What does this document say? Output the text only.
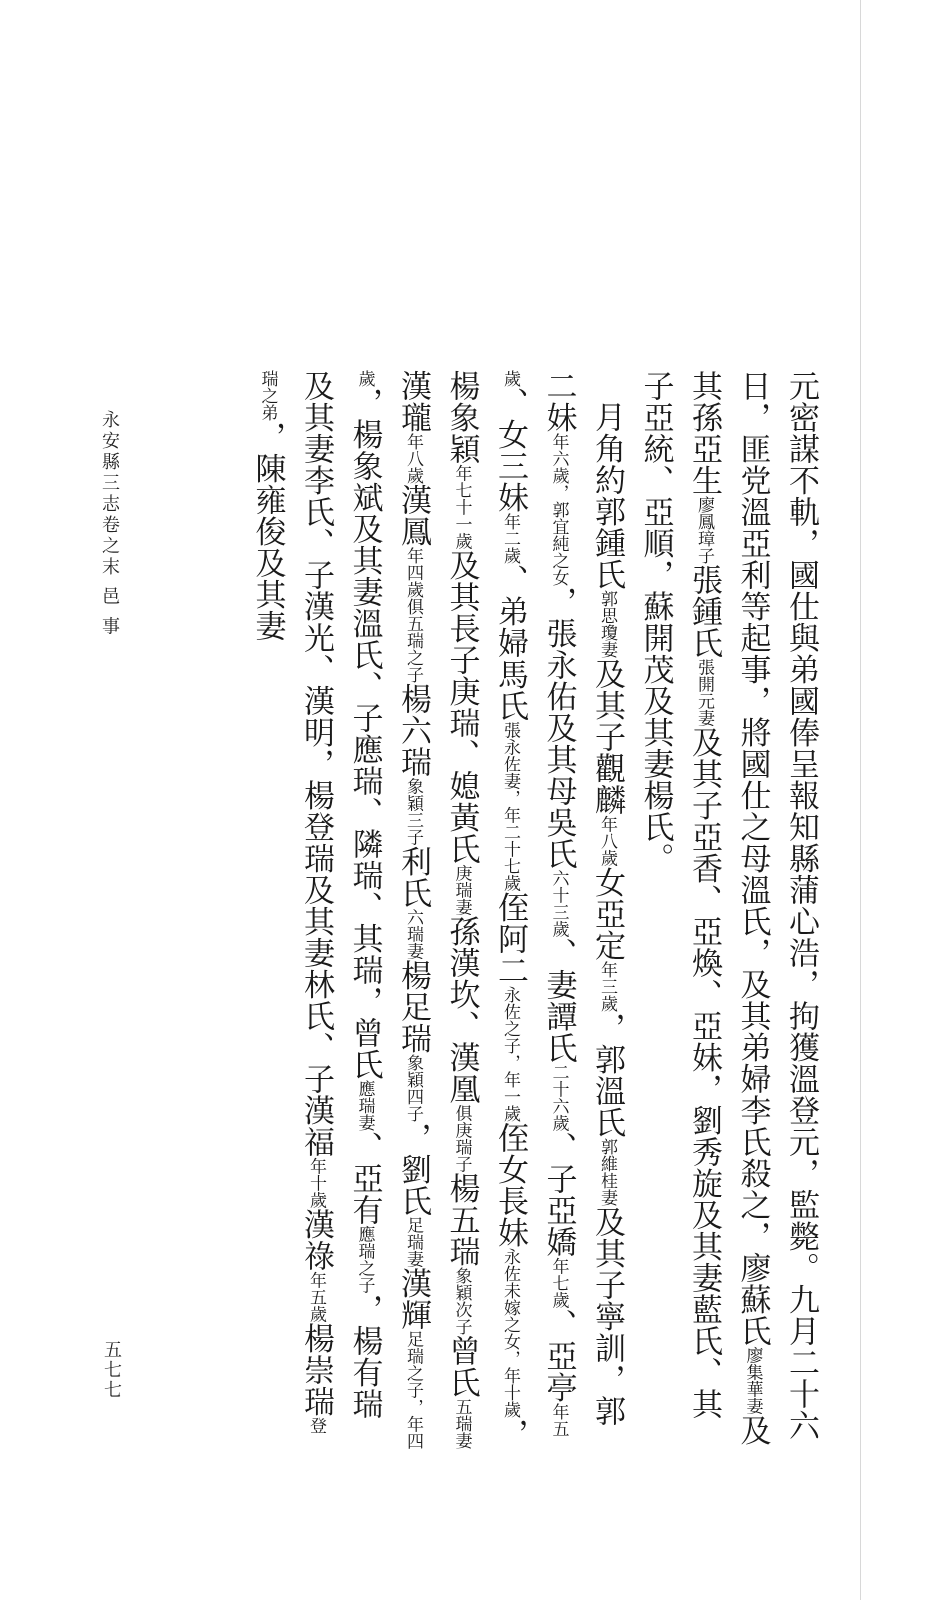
元密謀不軌，國仕與弟國俸呈報知縣蒲心浩，拘獲溫登元，監斃。九月二十六日，匪党溫亞利等起事，將國仕之母溫氏，及其弟婦李氏殺之，廖蘇氏廖集華妻及其孫亞生廖鳳璋子張鍾氏張開元妻及其子亞香、亞煥、亞妹，劉秀旋及其妻藍氏、其子亞統、亞順，蘇開茂及其妻楊氏。

月角約郭鍾氏郭思瓊妻及其子觀麟年八歲女亞定年三歲，郭溫氏郭維桂妻及其子寧訓，郭二妹年六歲，郭宜純之女，張永佑及其母吳氏六十三歲、妻譚氏二十六歲、子亞嬌年七歲、亞亭年五歲、女三妹年二歲、弟婦馬氏張永佐妻，年二十七歲侄阿二永佐之子，年一歲侄女長妹永佐未嫁之女，年十歲，楊象穎年七十一歲及其長子庚瑞、媳黃氏庚瑞妻孫漢坎、漢凰俱庚瑞子楊五瑞象穎次子曾氏五瑞妻漢瓏年八歲漢鳳年四歲俱五瑞之子楊六瑞象穎三子利氏六瑞妻楊足瑞象穎四子，劉氏足瑞妻漢輝足瑞之子，年四歲，楊象斌及其妻溫氏、子應瑞、隣瑞、其瑞，曾氏應瑞妻、亞有應瑞之子，楊有瑞及其妻李氏、子漢光、漢明，楊登瑞及其妻林氏、子漢福年十歲漢祿年五歲楊崇瑞登瑞之弟，陳雍俊及其妻

永安縣三志卷之末 邑 事
五七七
